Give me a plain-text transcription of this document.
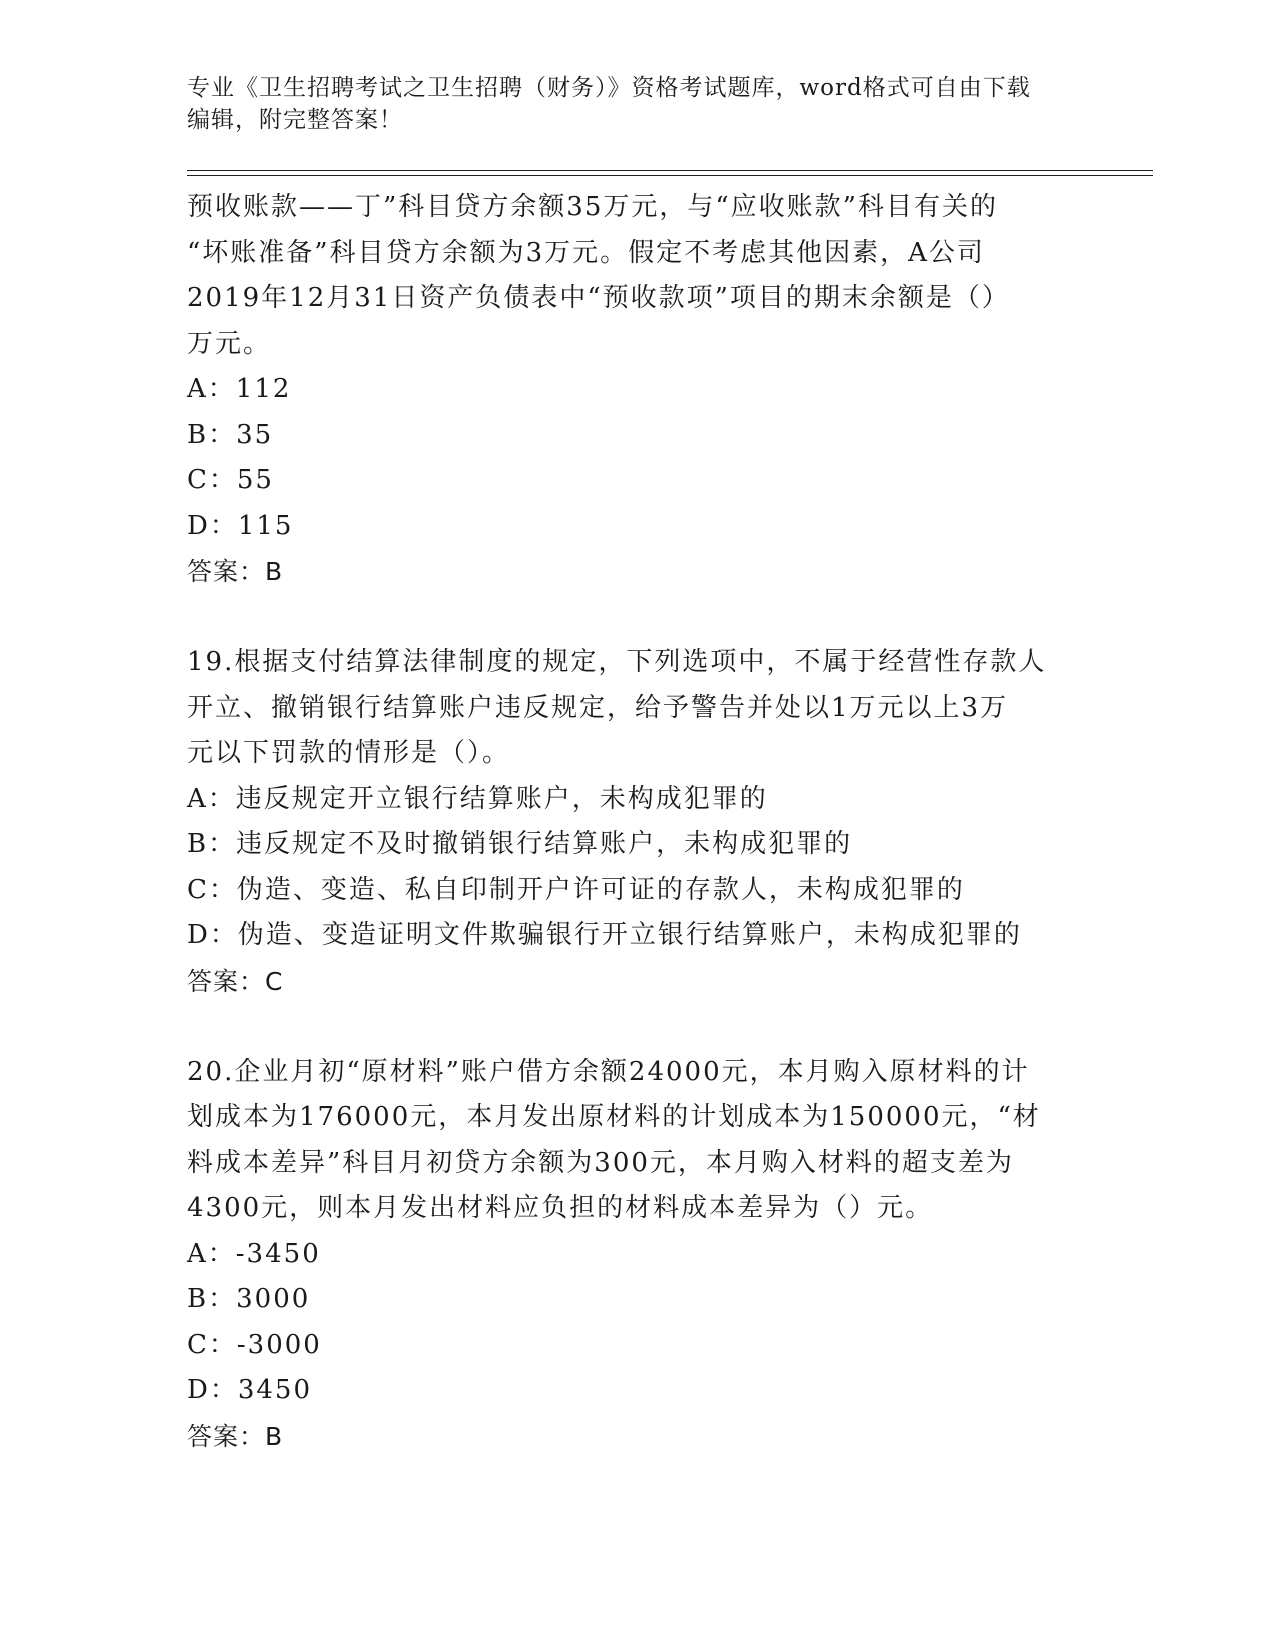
专业《卫生招聘考试之卫生招聘（财务）》资格考试题库，word格式可自由下载
编辑，附完整答案！
预收账款——丁”科目贷方余额35万元，与“应收账款”科目有关的
“坏账准备”科目贷方余额为3万元。假定不考虑其他因素，A公司
2019年12月31日资产负债表中“预收款项”项目的期末余额是（）
万元。
A：112
B：35
C：55
D：115
答案：B
19.根据支付结算法律制度的规定，下列选项中，不属于经营性存款人
开立、撤销银行结算账户违反规定，给予警告并处以1万元以上3万
元以下罚款的情形是（）。
A：违反规定开立银行结算账户，未构成犯罪的
B：违反规定不及时撤销银行结算账户，未构成犯罪的
C：伪造、变造、私自印制开户许可证的存款人，未构成犯罪的
D：伪造、变造证明文件欺骗银行开立银行结算账户，未构成犯罪的
答案：C
20.企业月初“原材料”账户借方余额24000元，本月购入原材料的计
划成本为176000元，本月发出原材料的计划成本为150000元，“材
料成本差异”科目月初贷方余额为300元，本月购入材料的超支差为
4300元，则本月发出材料应负担的材料成本差异为（）元。
A：-3450
B：3000
C：-3000
D：3450
答案：B
